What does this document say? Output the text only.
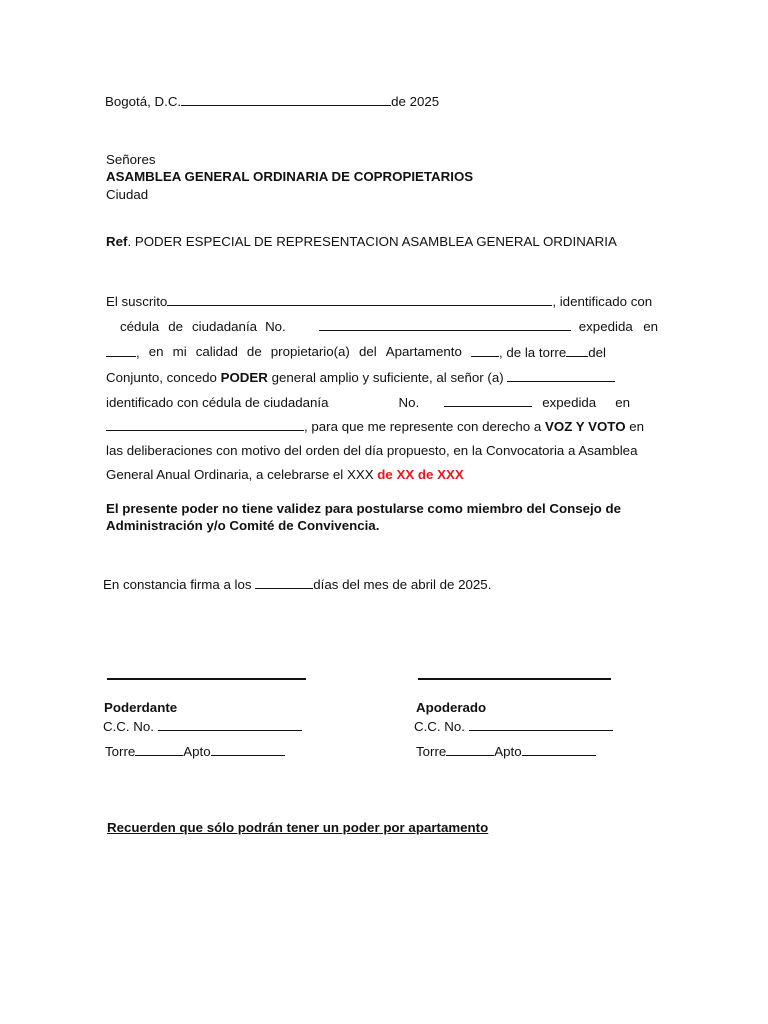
Bogotá, D.C.	de 2025
Señores
ASAMBLEA GENERAL ORDINARIA DE COPROPIETARIOS
Ciudad
Ref. PODER ESPECIAL DE REPRESENTACION ASAMBLEA GENERAL ORDINARIA
El suscrito	, identificado con
cédula de ciudadanía No.	expedida en
, en mi calidad de propietario(a) del Apartamento	, de la torre del
Conjunto, concedo PODER general amplio y suficiente, al señor (a)
identificado con cédula de ciudadanía	No.	expedida en
, para que me represente con derecho a VOZ Y VOTO en
las deliberaciones con motivo del orden del día propuesto, en la Convocatoria a Asamblea
General Anual Ordinaria, a celebrarse el XXX de XX de XXX
El presente poder no tiene validez para postularse como miembro del Consejo de
Administración y/o Comité de Convivencia.
En constancia firma a los	días del mes de abril de 2025.
Poderdante
C.C. No.
Torre	Apto
Apoderado
C.C. No.
Torre	Apto
Recuerden que sólo podrán tener un poder por apartamento
